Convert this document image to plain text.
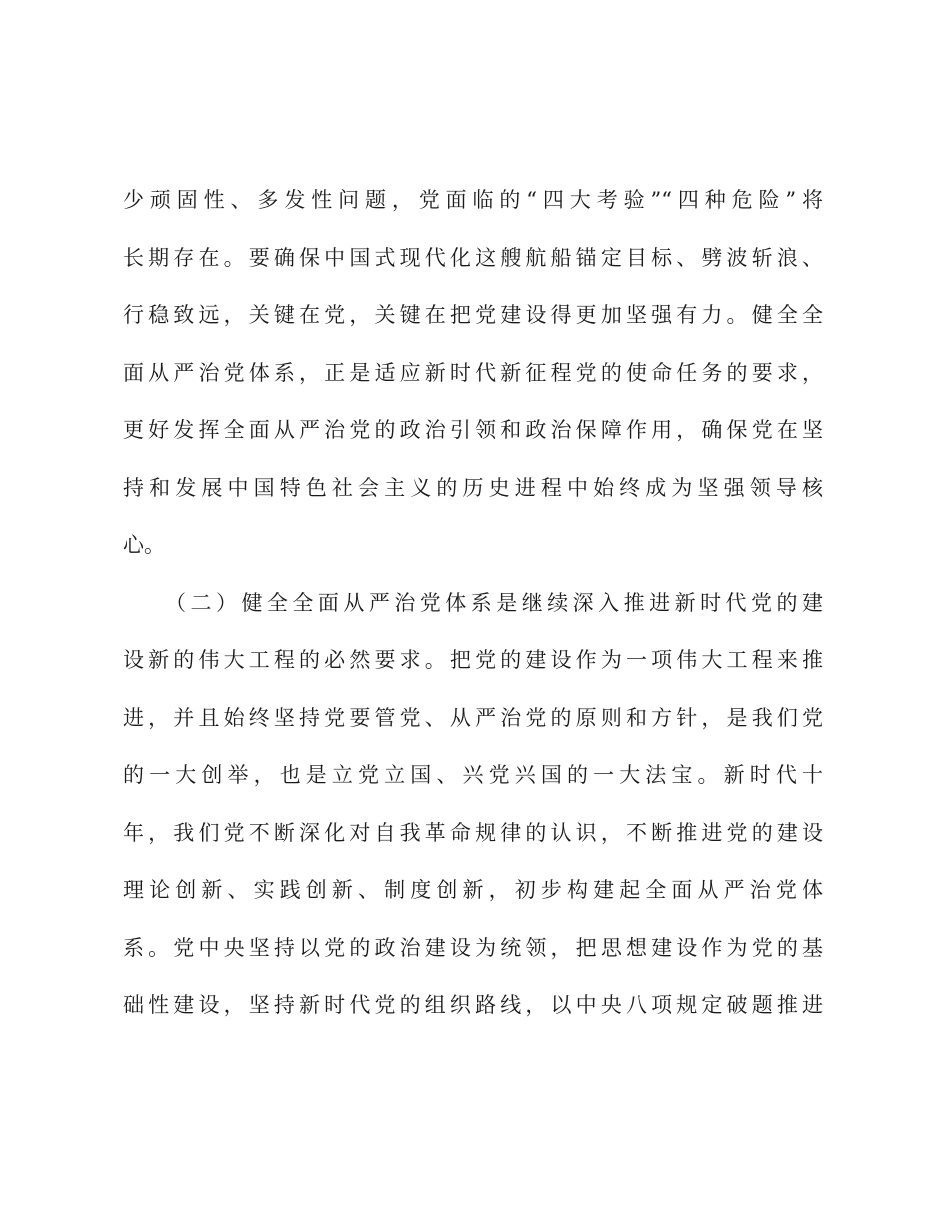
少顽固性、多发性问题，党面临的“四大考验”“四种危险”将
长期存在。要确保中国式现代化这艘航船锚定目标、劈波斩浪、
行稳致远，关键在党，关键在把党建设得更加坚强有力。健全全
面从严治党体系，正是适应新时代新征程党的使命任务的要求，
更好发挥全面从严治党的政治引领和政治保障作用，确保党在坚
持和发展中国特色社会主义的历史进程中始终成为坚强领导核
心。
（二）健全全面从严治党体系是继续深入推进新时代党的建
设新的伟大工程的必然要求。把党的建设作为一项伟大工程来推
进，并且始终坚持党要管党、从严治党的原则和方针，是我们党
的一大创举，也是立党立国、兴党兴国的一大法宝。新时代十
年，我们党不断深化对自我革命规律的认识，不断推进党的建设
理论创新、实践创新、制度创新，初步构建起全面从严治党体
系。党中央坚持以党的政治建设为统领，把思想建设作为党的基
础性建设，坚持新时代党的组织路线，以中央八项规定破题推进
